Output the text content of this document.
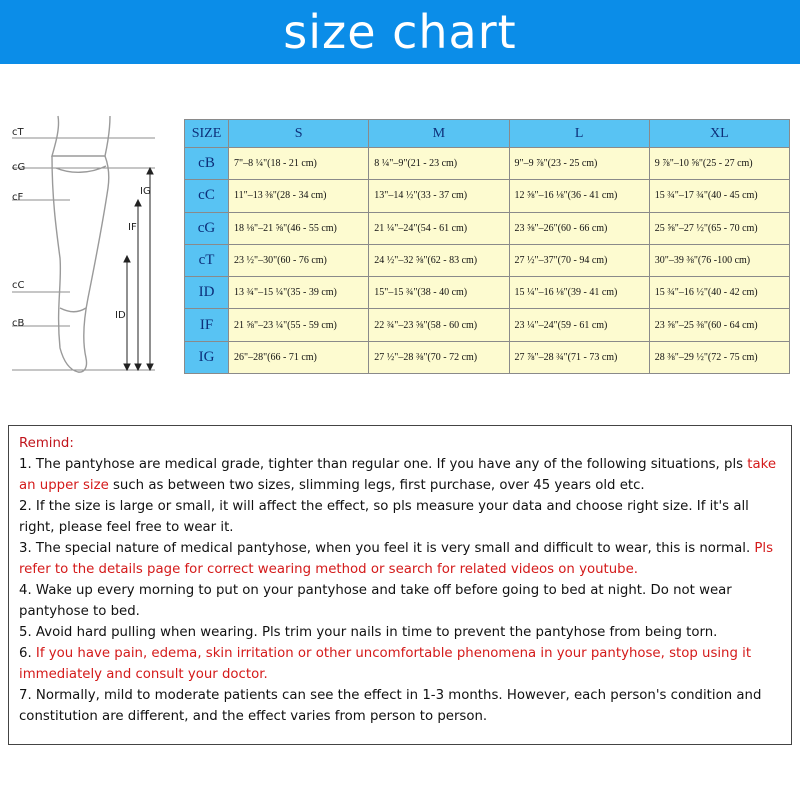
size chart
cT
cG
cF
cC
cB
IG
IF
ID
SIZE	S	M	L	XL
cB	7"–8 ¼"(18 - 21 cm)	8 ¼"–9"(21 - 23 cm)	9"–9 ⅞"(23 - 25 cm)	9 ⅞"–10 ⅝"(25 - 27 cm)
cC	11"–13 ⅜"(28 - 34 cm)	13"–14 ½"(33 - 37 cm)	12 ⅝"–16 ⅛"(36 - 41 cm)	15 ¾"–17 ¾"(40 - 45 cm)
cG	18 ⅛"–21 ⅝"(46 - 55 cm)	21 ¼"–24"(54 - 61 cm)	23 ⅝"–26"(60 - 66 cm)	25 ⅝"–27 ½"(65 - 70 cm)
cT	23 ½"–30"(60 - 76 cm)	24 ½"–32 ⅝"(62 - 83 cm)	27 ½"–37"(70 - 94 cm)	30"–39 ⅜"(76 -100 cm)
ID	13 ¾"–15 ¼"(35 - 39 cm)	15"–15 ¾"(38 - 40 cm)	15 ¼"–16 ⅛"(39 - 41 cm)	15 ¾"–16 ½"(40 - 42 cm)
IF	21 ⅝"–23 ¼"(55 - 59 cm)	22 ¾"–23 ⅝"(58 - 60 cm)	23 ¼"–24"(59 - 61 cm)	23 ⅝"–25 ⅜"(60 - 64 cm)
IG	26"–28"(66 - 71 cm)	27 ½"–28 ⅜"(70 - 72 cm)	27 ⅞"–28 ¾"(71 - 73 cm)	28 ⅜"–29 ½"(72 - 75 cm)
Remind:

1. The pantyhose are medical grade, tighter than regular one. If you have any of the following situations, pls take an upper size such as between two sizes, slimming legs, first purchase, over 45 years old etc.

2. If the size is large or small, it will affect the effect, so pls measure your data and choose right size. If it's all right, please feel free to wear it.

3. The special nature of medical pantyhose, when you feel it is very small and difficult to wear, this is normal. Pls refer to the details page for correct wearing method or search for related videos on youtube.

4. Wake up every morning to put on your pantyhose and take off before going to bed at night. Do not wear pantyhose to bed.

5. Avoid hard pulling when wearing. Pls trim your nails in time to prevent the pantyhose from being torn.

6. If you have pain, edema, skin irritation or other uncomfortable phenomena in your pantyhose, stop using it immediately and consult your doctor.

7. Normally, mild to moderate patients can see the effect in 1-3 months. However, each person's condition and constitution are different, and the effect varies from person to person.
